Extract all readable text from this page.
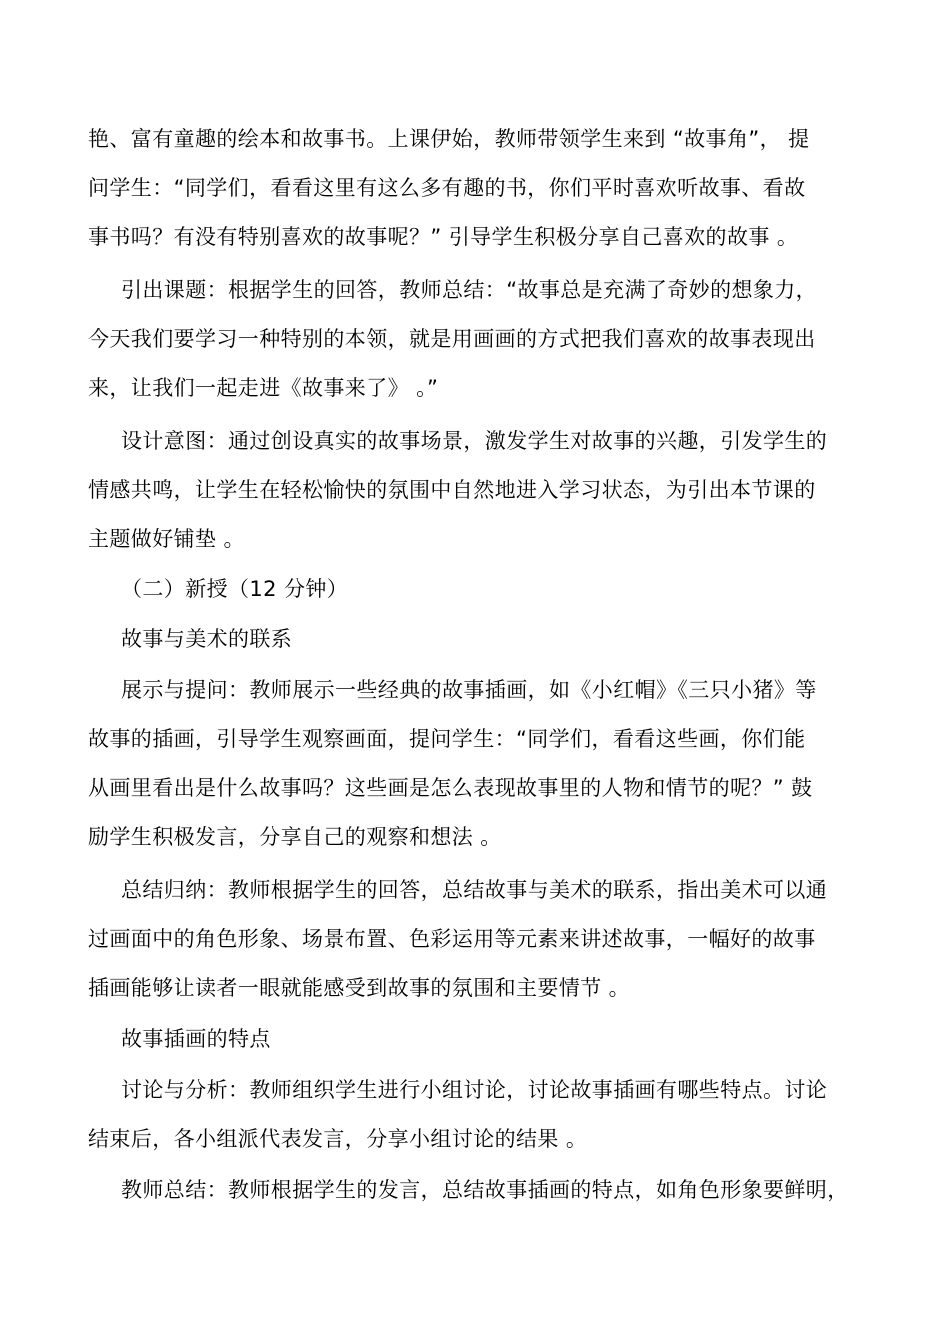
艳、富有童趣的绘本和故事书。上课伊始，教师带领学生来到 “故事角”， 提
问学生：“同学们，看看这里有这么多有趣的书，你们平时喜欢听故事、看故
事书吗？有没有特别喜欢的故事呢？” 引导学生积极分享自己喜欢的故事 。
引出课题：根据学生的回答，教师总结：“故事总是充满了奇妙的想象力，
今天我们要学习一种特别的本领，就是用画画的方式把我们喜欢的故事表现出
来，让我们一起走进《故事来了》 。”
设计意图：通过创设真实的故事场景，激发学生对故事的兴趣，引发学生的
情感共鸣，让学生在轻松愉快的氛围中自然地进入学习状态，为引出本节课的
主题做好铺垫 。
（二）新授（12 分钟）
故事与美术的联系
展示与提问：教师展示一些经典的故事插画，如《小红帽》《三只小猪》等
故事的插画，引导学生观察画面，提问学生：“同学们，看看这些画，你们能
从画里看出是什么故事吗？这些画是怎么表现故事里的人物和情节的呢？” 鼓
励学生积极发言，分享自己的观察和想法 。
总结归纳：教师根据学生的回答，总结故事与美术的联系，指出美术可以通
过画面中的角色形象、场景布置、色彩运用等元素来讲述故事，一幅好的故事
插画能够让读者一眼就能感受到故事的氛围和主要情节 。
故事插画的特点
讨论与分析：教师组织学生进行小组讨论，讨论故事插画有哪些特点。讨论
结束后，各小组派代表发言，分享小组讨论的结果 。
教师总结：教师根据学生的发言，总结故事插画的特点，如角色形象要鲜明，
